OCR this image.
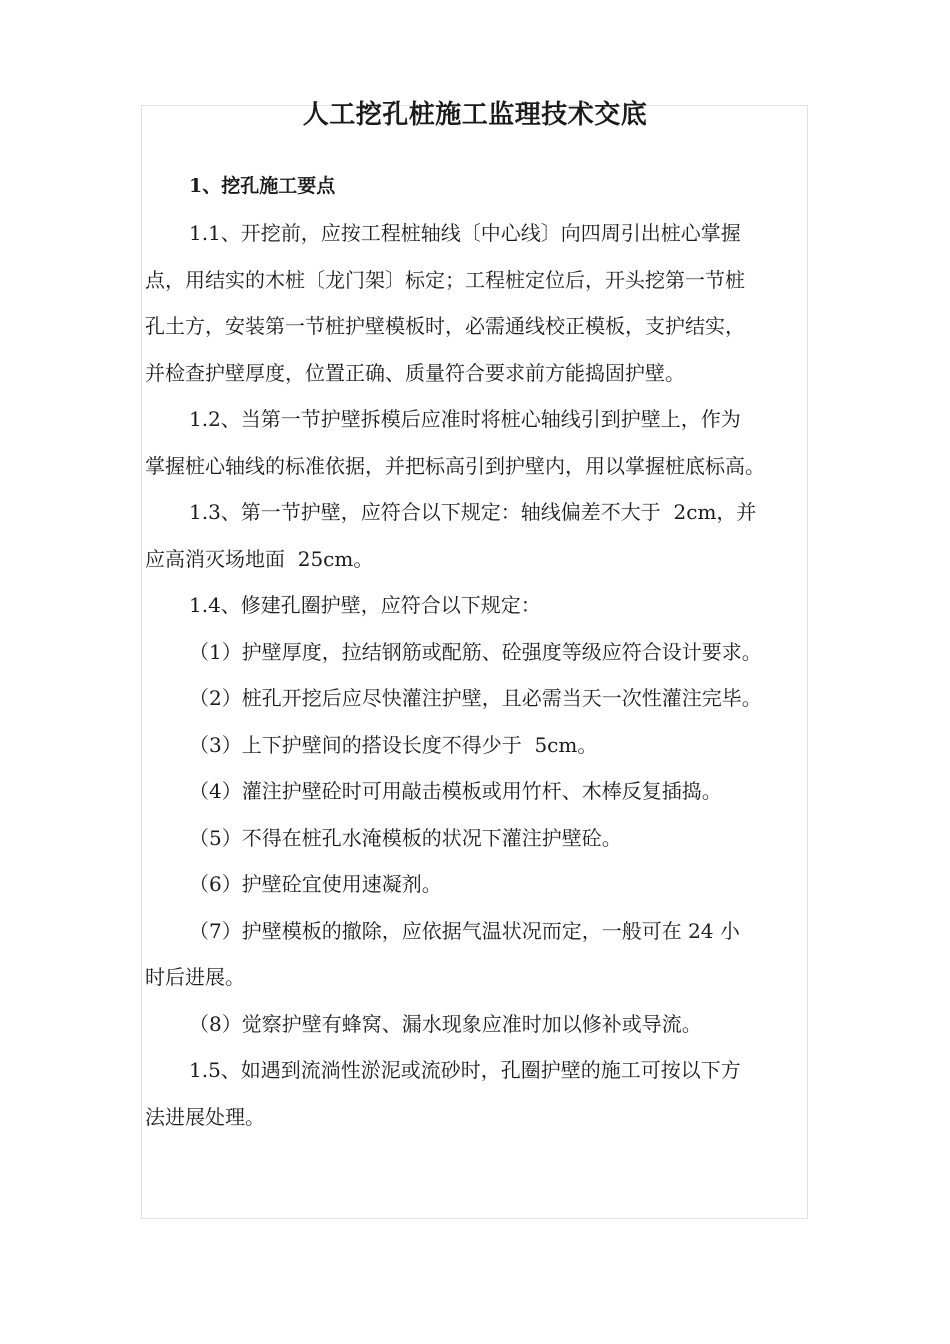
人工挖孔桩施工监理技术交底
1、挖孔施工要点
1.1、开挖前，应按工程桩轴线〔中心线〕向四周引出桩心掌握
点，用结实的木桩〔龙门架〕标定；工程桩定位后，开头挖第一节桩
孔土方，安装第一节桩护壁模板时，必需通线校正模板，支护结实，
并检查护壁厚度，位置正确、质量符合要求前方能捣固护壁。
1.2、当第一节护壁拆模后应准时将桩心轴线引到护壁上，作为
掌握桩心轴线的标准依据，并把标高引到护壁内，用以掌握桩底标高。
1.3、第一节护壁，应符合以下规定：轴线偏差不大于  2cm，并
应高消灭场地面  25cm。
1.4、修建孔圈护壁，应符合以下规定：
（1）护壁厚度，拉结钢筋或配筋、砼强度等级应符合设计要求。
（2）桩孔开挖后应尽快灌注护壁，且必需当天一次性灌注完毕。
（3）上下护壁间的搭设长度不得少于  5cm。
（4）灌注护壁砼时可用敲击模板或用竹杆、木棒反复插捣。
（5）不得在桩孔水淹模板的状况下灌注护壁砼。
（6）护壁砼宜使用速凝剂。
（7）护壁模板的撤除，应依据气温状况而定，一般可在 24 小
时后进展。
（8）觉察护壁有蜂窝、漏水现象应准时加以修补或导流。
1.5、如遇到流淌性淤泥或流砂时，孔圈护壁的施工可按以下方
法进展处理。
